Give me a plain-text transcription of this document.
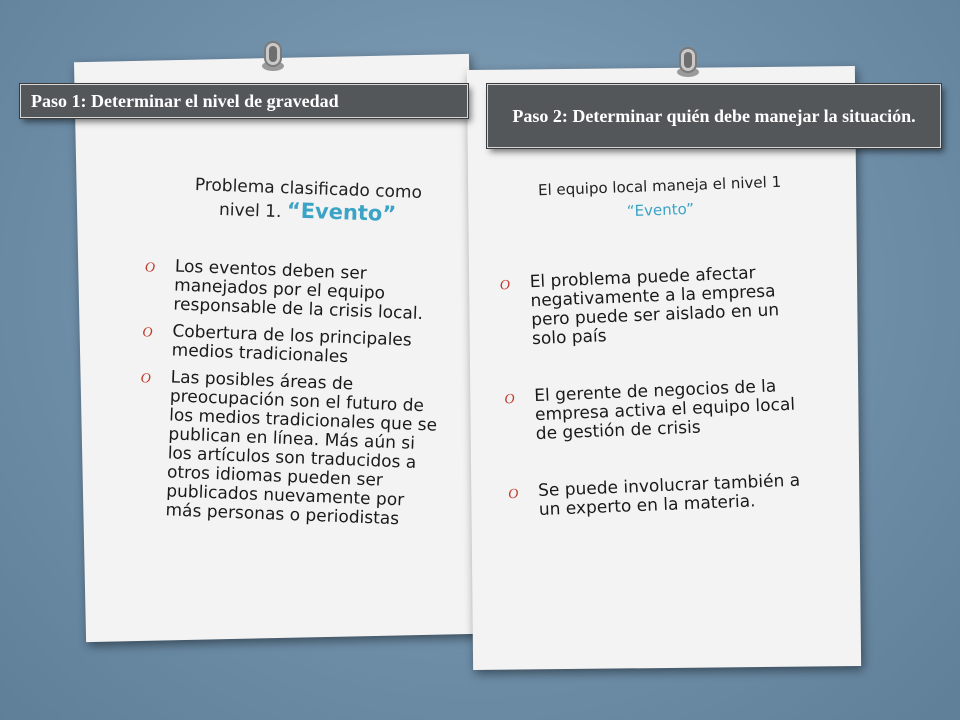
Paso 1: Determinar el nivel de gravedad
Paso 2: Determinar quién debe manejar la situación.
Problema clasificado como
nivel 1. “Evento”
El equipo local maneja el nivel 1
“Evento”
O Los eventos deben ser manejados por el equipo responsable de la crisis local.
O Cobertura de los principales medios tradicionales
O Las posibles áreas de preocupación son el futuro de los medios tradicionales que se publican en línea. Más aún si los artículos son traducidos a otros idiomas pueden ser publicados nuevamente por más personas o periodistas
O El problema puede afectar negativamente a la empresa pero puede ser aislado en un solo país
O El gerente de negocios de la empresa activa el equipo local de gestión de crisis
O Se puede involucrar también a un experto en la materia.
